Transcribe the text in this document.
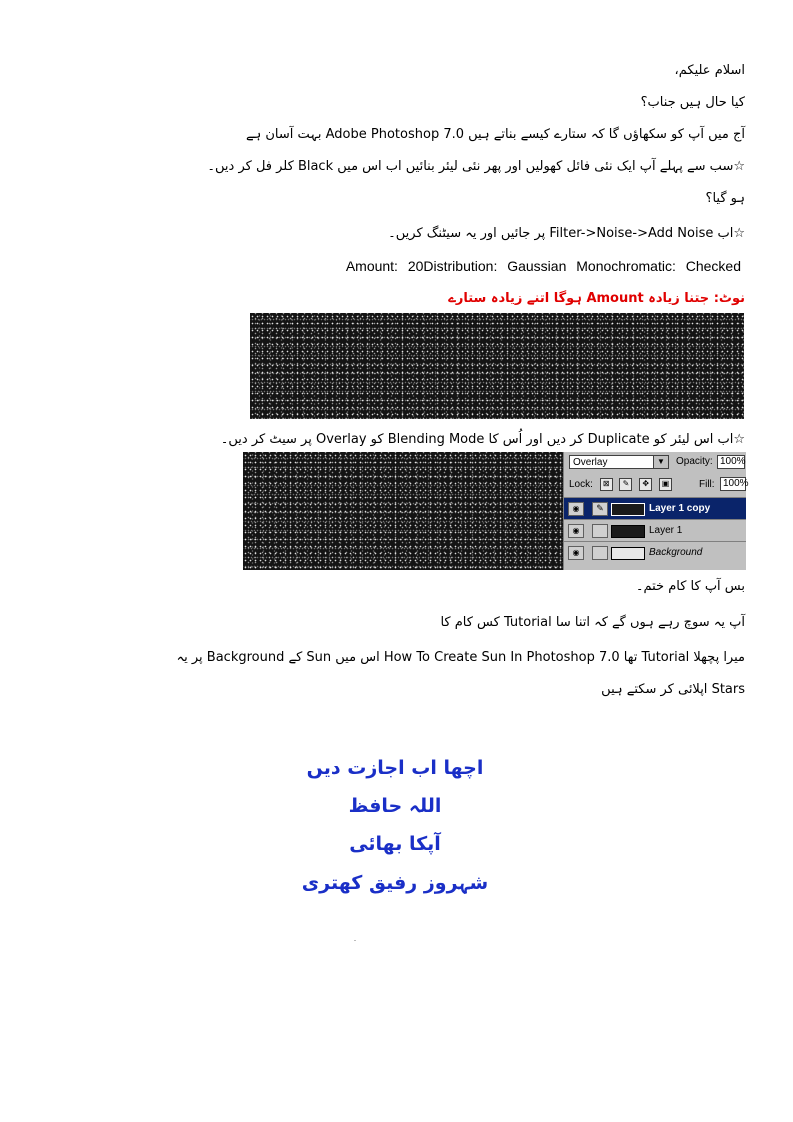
اسلام علیکم،
کیا حال ہیں جناب؟
آج میں آپ کو سکھاؤں گا کہ ستارے کیسے بناتے ہیں Adobe Photoshop 7.0 بہت آسان ہے
☆سب سے پہلے آپ ایک نئی فائل کھولیں اور پھر نئی لیئر بنائیں اب اس میں Black کلر فل کر دیں۔
ہو گیا؟
☆اب Filter->Noise->Add Noise پر جائیں اور یہ سیٹنگ کریں۔
Amount: 20Distribution: Gaussian Monochromatic: Checked
نوٹ: جتنا زیادہ Amount ہوگا اتنے زیادہ ستارے
☆اب اس لیئر کو Duplicate کر دیں اور اُس کا Blending Mode کو Overlay پر سیٹ کر دیں۔
Overlay	▼	Opacity: 100%
Lock: ⊠ ✎ ✥ ▣	Fill: 100%
◉	✎	Layer 1 copy
◉	Layer 1
◉	Background
بس آپ کا کام ختم۔
آپ یہ سوچ رہے ہوں گے کہ اتنا سا Tutorial کس کام کا
میرا پچھلا Tutorial تھا How To Create Sun In Photoshop 7.0 اس میں Sun کے Background پر یہ
Stars اپلائی کر سکتے ہیں
اچھا اب اجازت دیں
اللہ حافظ
آپکا بھائی
شہروز رفیق کھتری
